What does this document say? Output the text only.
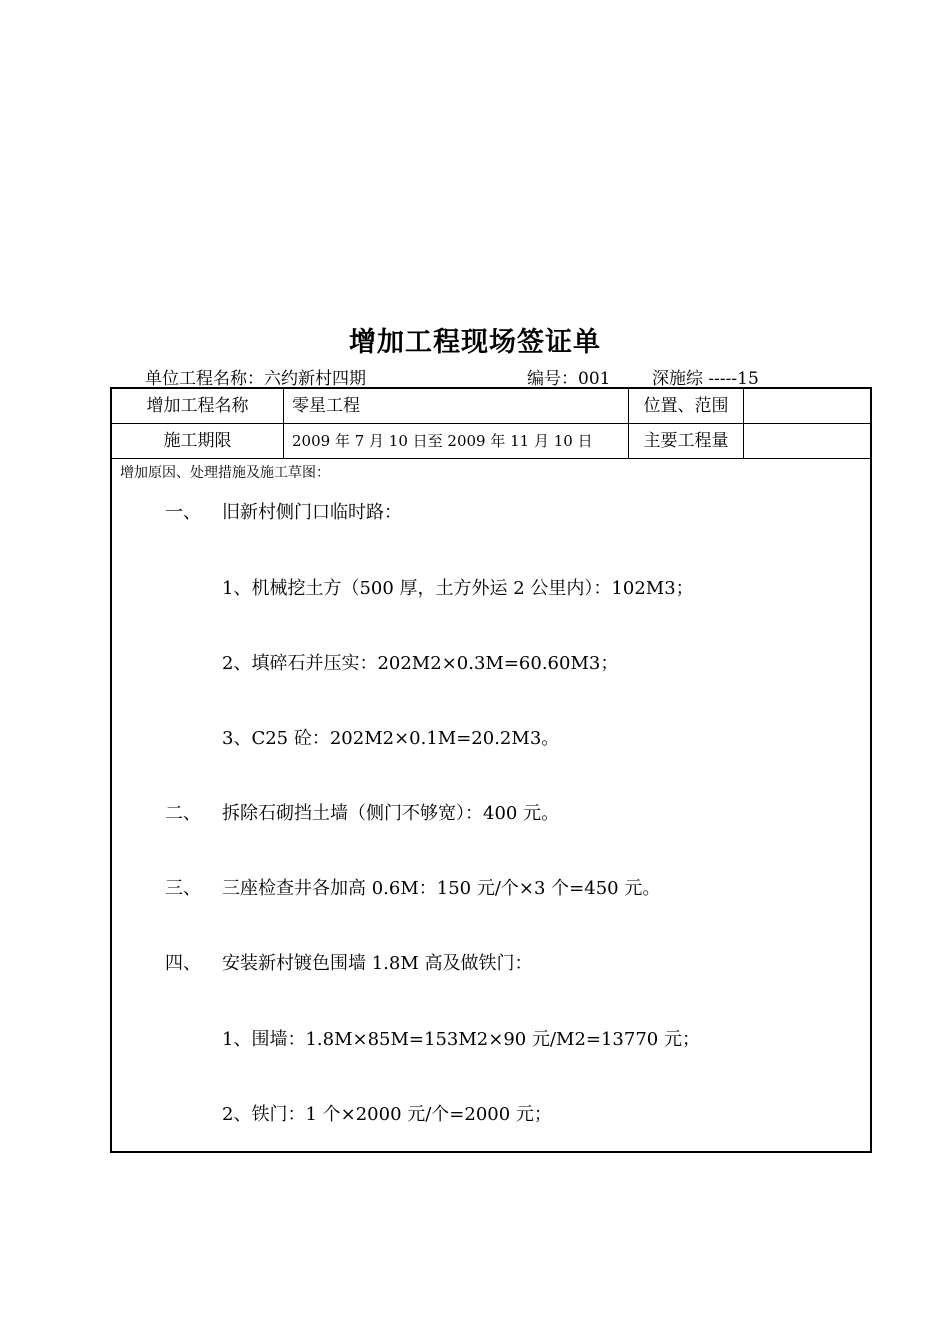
增加工程现场签证单
单位工程名称：六约新村四期	编号：001 深施综 -----15
增加工程名称	零星工程	位置、范围
施工期限	2009 年 7 月 10 日至 2009 年 11 月 10 日	主要工程量
增加原因、处理措施及施工草图：
一、 旧新村侧门口临时路：
1、机械挖土方（500 厚，土方外运 2 公里内）：102M3；
2、填碎石并压实：202M2×0.3M=60.60M3；
3、C25 砼：202M2×0.1M=20.2M3。
二、 拆除石砌挡土墙（侧门不够宽）：400 元。
三、 三座检查井各加高 0.6M：150 元/个×3 个=450 元。
四、 安装新村镀色围墙 1.8M 高及做铁门：
1、围墙：1.8M×85M=153M2×90 元/M2=13770 元；
2、铁门：1 个×2000 元/个=2000 元；
